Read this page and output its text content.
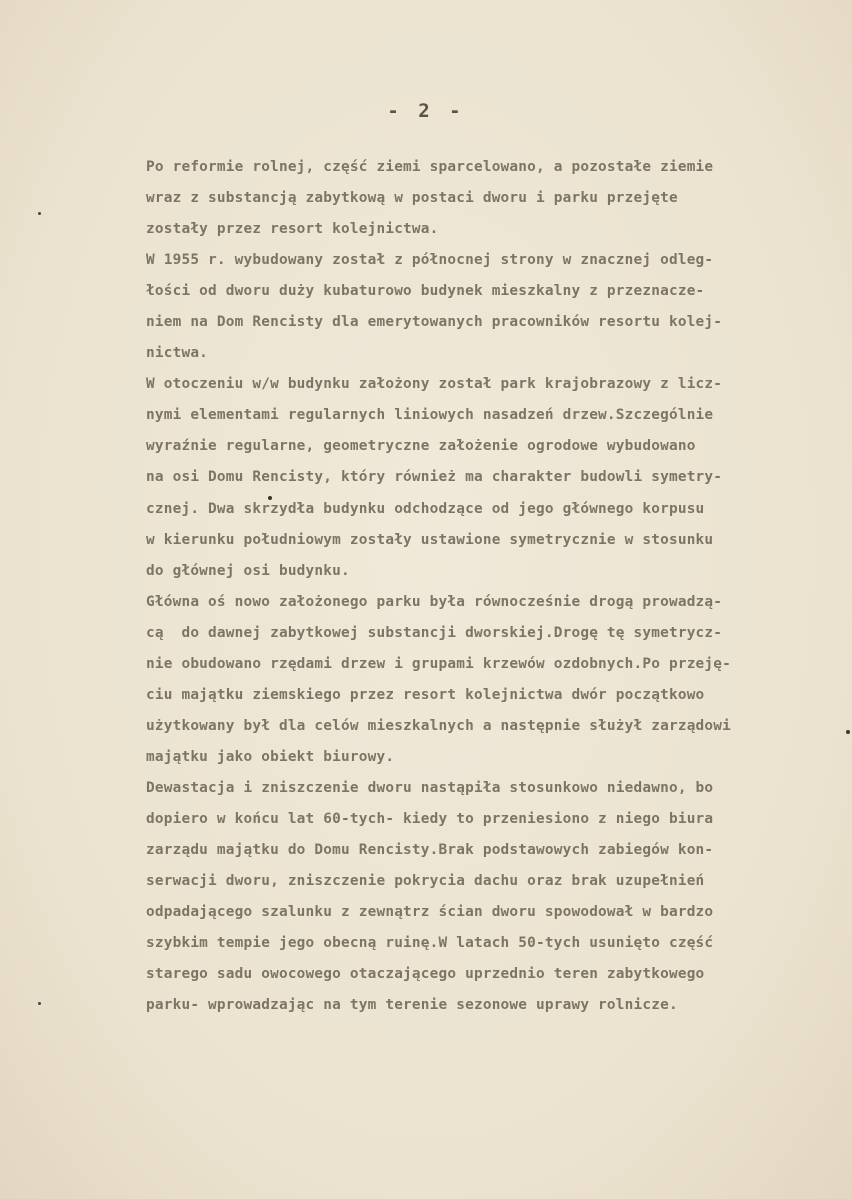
- 2 -
Po reformie rolnej, część ziemi sparcelowano, a pozostałe ziemie
wraz z substancją zabytkową w postaci dworu i parku przejęte
zostały przez resort kolejnictwa.
W 1955 r. wybudowany został z północnej strony w znacznej odleg-
łości od dworu duży kubaturowo budynek mieszkalny z przeznacze-
niem na Dom Rencisty dla emerytowanych pracowników resortu kolej-
nictwa.
W otoczeniu w/w budynku założony został park krajobrazowy z licz-
nymi elementami regularnych liniowych nasadzeń drzew.Szczególnie
wyraźnie regularne, geometryczne założenie ogrodowe wybudowano
na osi Domu Rencisty, który również ma charakter budowli symetry-
cznej. Dwa skrzydła budynku odchodzące od jego głównego korpusu
w kierunku południowym zostały ustawione symetrycznie w stosunku
do głównej osi budynku.
Główna oś nowo założonego parku była równocześnie drogą prowadzą-
cą  do dawnej zabytkowej substancji dworskiej.Drogę tę symetrycz-
nie obudowano rzędami drzew i grupami krzewów ozdobnych.Po przeję-
ciu majątku ziemskiego przez resort kolejnictwa dwór początkowo
użytkowany był dla celów mieszkalnych a następnie służył zarządowi
majątku jako obiekt biurowy.
Dewastacja i zniszczenie dworu nastąpiła stosunkowo niedawno, bo
dopiero w końcu lat 60-tych- kiedy to przeniesiono z niego biura
zarządu majątku do Domu Rencisty.Brak podstawowych zabiegów kon-
serwacji dworu, zniszczenie pokrycia dachu oraz brak uzupełnień
odpadającego szalunku z zewnątrz ścian dworu spowodował w bardzo
szybkim tempie jego obecną ruinę.W latach 50-tych usunięto część
starego sadu owocowego otaczającego uprzednio teren zabytkowego
parku- wprowadzając na tym terenie sezonowe uprawy rolnicze.
